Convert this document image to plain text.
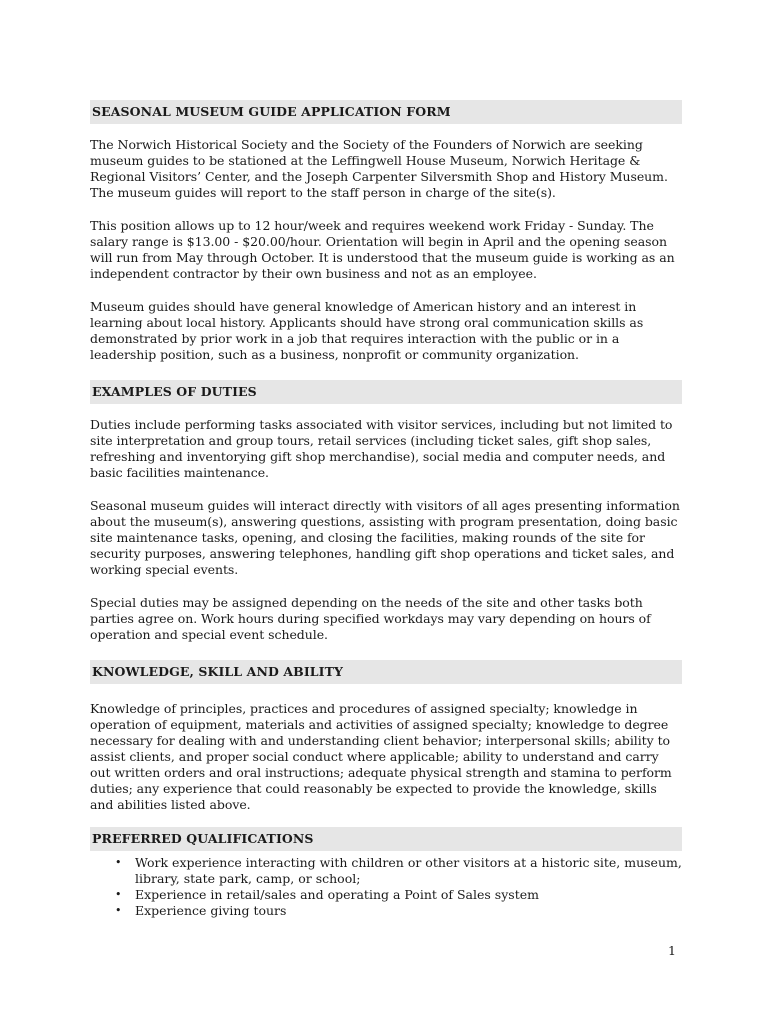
SEASONAL MUSEUM GUIDE APPLICATION FORM

The Norwich Historical Society and the Society of the Founders of Norwich are seeking museum guides to be stationed at the Leffingwell House Museum, Norwich Heritage & Regional Visitors’ Center, and the Joseph Carpenter Silversmith Shop and History Museum. The museum guides will report to the staff person in charge of the site(s).

This position allows up to 12 hour/week and requires weekend work Friday - Sunday. The salary range is $13.00 - $20.00/hour. Orientation will begin in April and the opening season will run from May through October. It is understood that the museum guide is working as an independent contractor by their own business and not as an employee.

Museum guides should have general knowledge of American history and an interest in learning about local history. Applicants should have strong oral communication skills as demonstrated by prior work in a job that requires interaction with the public or in a leadership position, such as a business, nonprofit or community organization.

EXAMPLES OF DUTIES

Duties include performing tasks associated with visitor services, including but not limited to site interpretation and group tours, retail services (including ticket sales, gift shop sales, refreshing and inventorying gift shop merchandise), social media and computer needs, and basic facilities maintenance.

Seasonal museum guides will interact directly with visitors of all ages presenting information about the museum(s), answering questions, assisting with program presentation, doing basic site maintenance tasks, opening, and closing the facilities, making rounds of the site for security purposes, answering telephones, handling gift shop operations and ticket sales, and working special events.

Special duties may be assigned depending on the needs of the site and other tasks both parties agree on. Work hours during specified workdays may vary depending on hours of operation and special event schedule.

KNOWLEDGE, SKILL AND ABILITY

Knowledge of principles, practices and procedures of assigned specialty; knowledge in operation of equipment, materials and activities of assigned specialty; knowledge to degree necessary for dealing with and understanding client behavior; interpersonal skills; ability to assist clients, and proper social conduct where applicable; ability to understand and carry out written orders and oral instructions; adequate physical strength and stamina to perform duties; any experience that could reasonably be expected to provide the knowledge, skills and abilities listed above.

PREFERRED QUALIFICATIONS
• Work experience interacting with children or other visitors at a historic site, museum, library, state park, camp, or school;
• Experience in retail/sales and operating a Point of Sales system
• Experience giving tours
1
